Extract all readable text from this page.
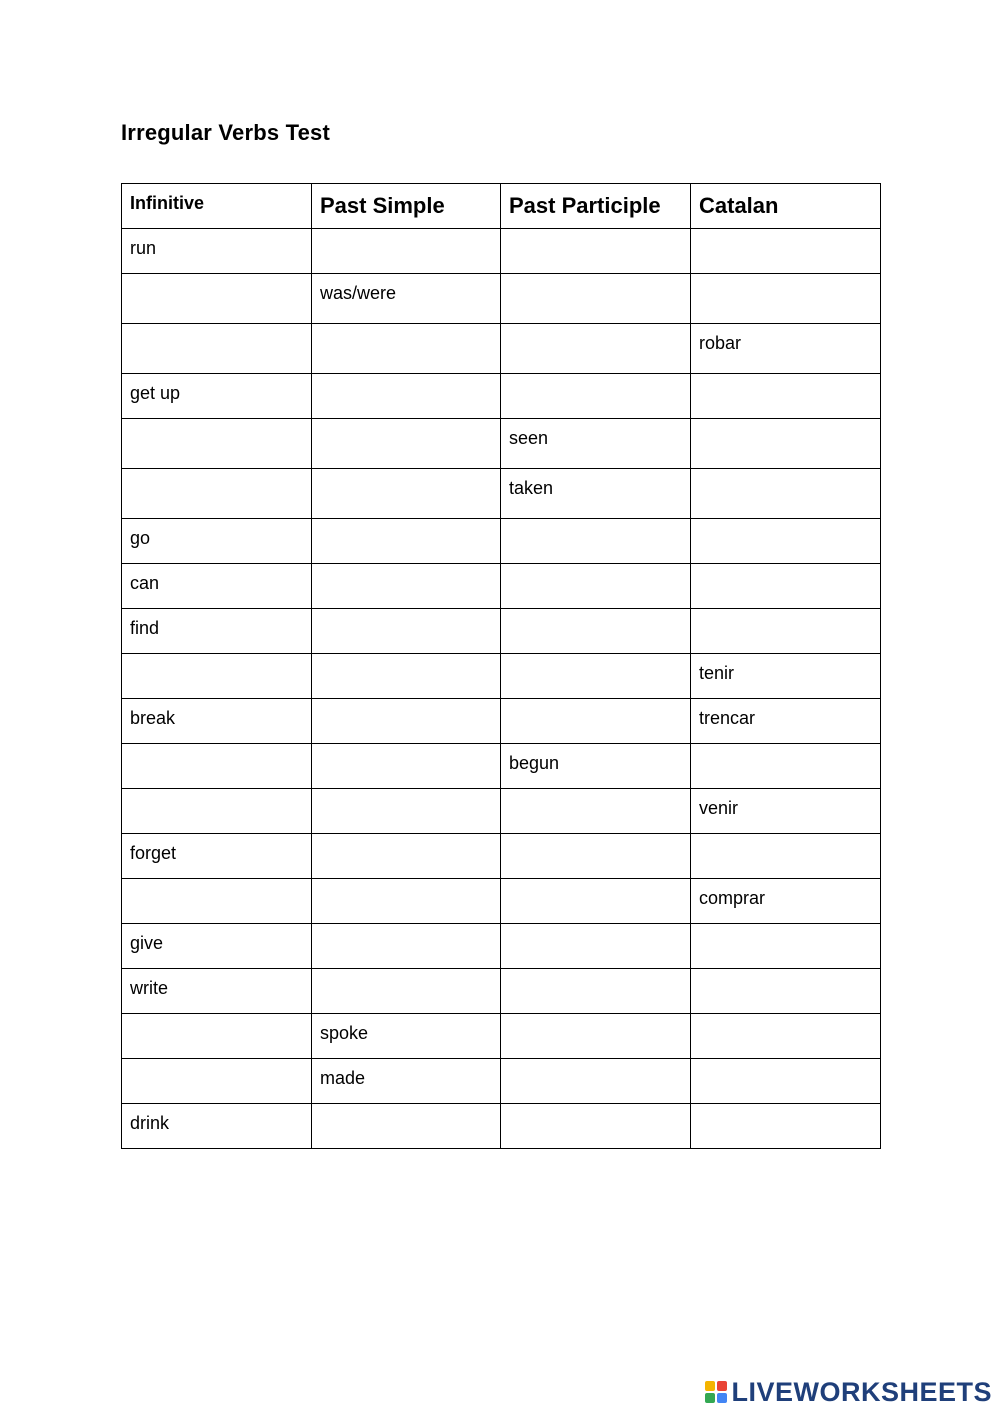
Irregular Verbs Test
Infinitive	Past Simple	Past Participle	Catalan
run			
	was/were		
			robar
get up			
		seen	
		taken	
go			
can			
find			
			tenir
break			trencar
		begun	
			venir
forget			
			comprar
give			
write			
	spoke		
	made		
drink			
LIVEWORKSHEETS
